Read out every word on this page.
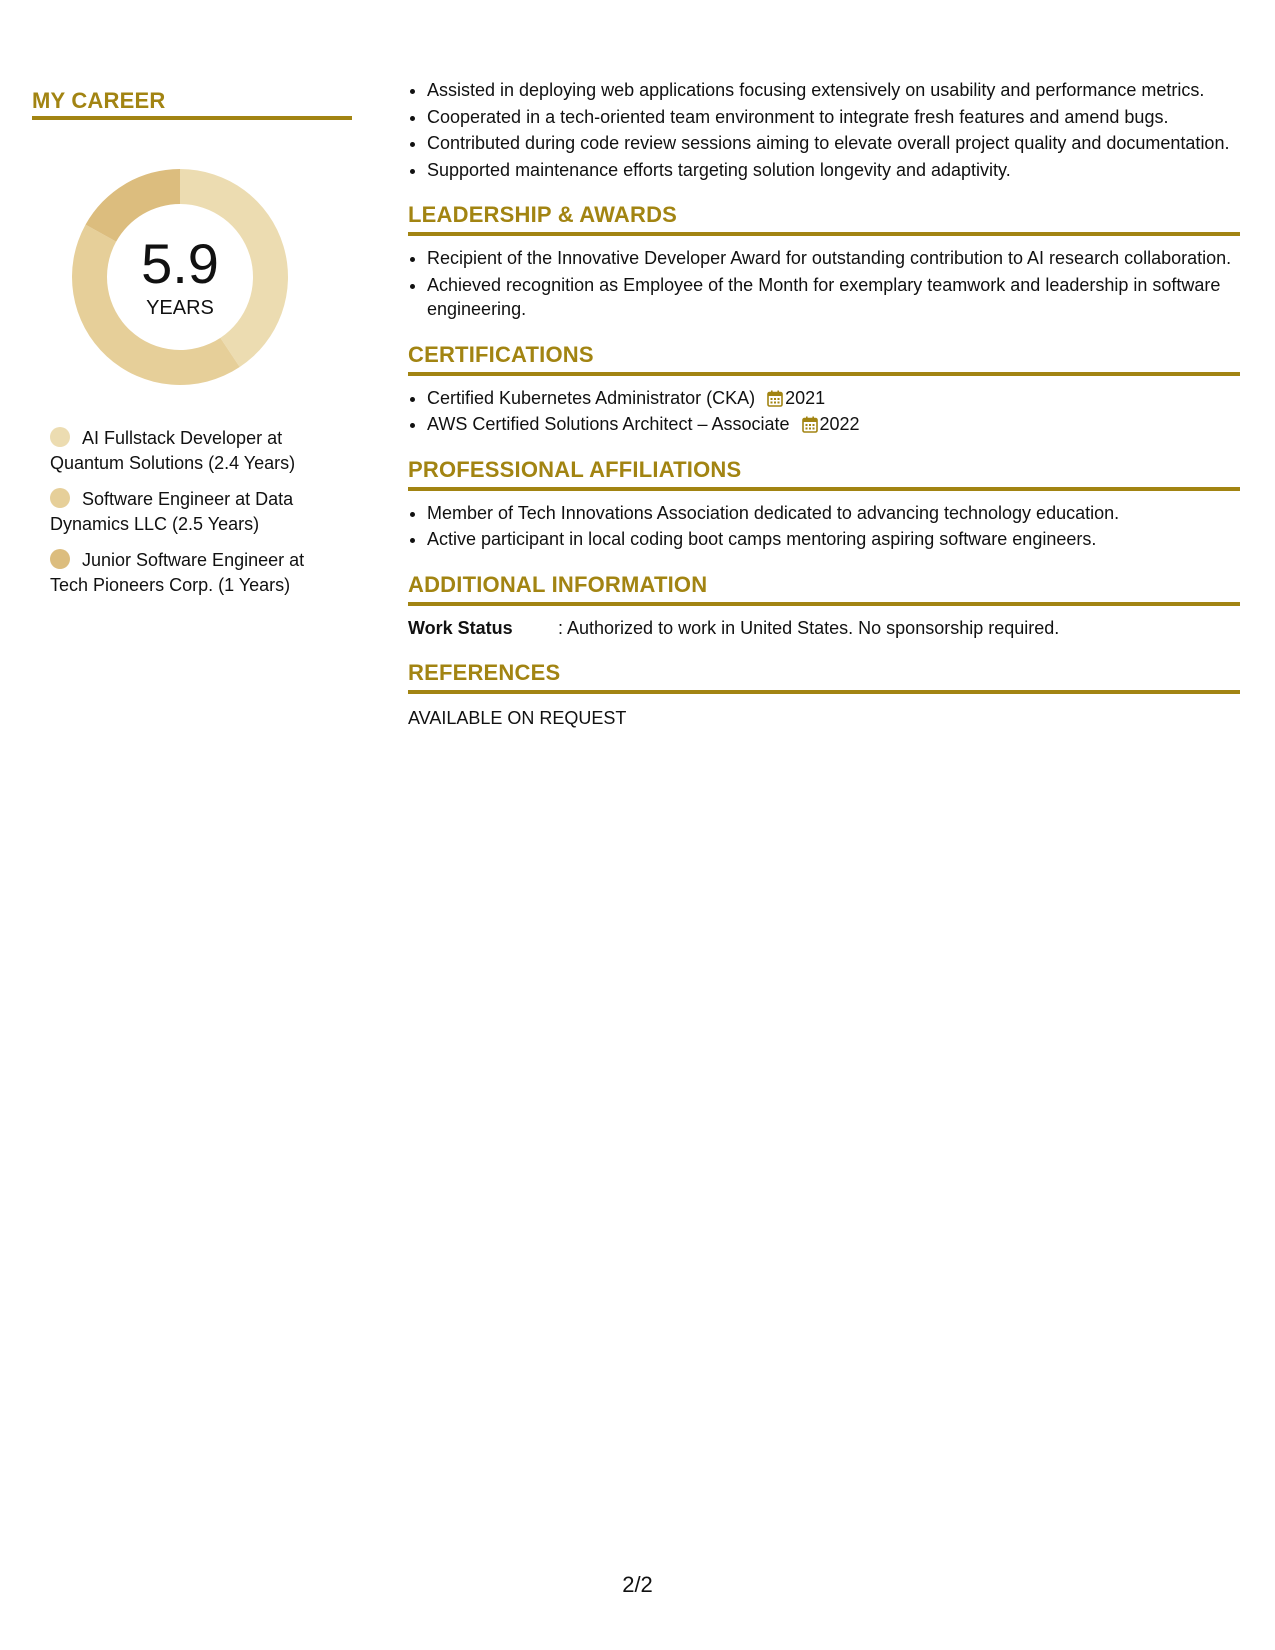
MY CAREER
5.9
YEARS
AI Fullstack Developer at Quantum Solutions (2.4 Years)
Software Engineer at Data Dynamics LLC (2.5 Years)
Junior Software Engineer at Tech Pioneers Corp. (1 Years)
• Assisted in deploying web applications focusing extensively on usability and performance metrics.
• Cooperated in a tech-oriented team environment to integrate fresh features and amend bugs.
• Contributed during code review sessions aiming to elevate overall project quality and documentation.
• Supported maintenance efforts targeting solution longevity and adaptivity.
LEADERSHIP & AWARDS
• Recipient of the Innovative Developer Award for outstanding contribution to AI research collaboration.
• Achieved recognition as Employee of the Month for exemplary teamwork and leadership in software engineering.
CERTIFICATIONS
• Certified Kubernetes Administrator (CKA) 2021
• AWS Certified Solutions Architect – Associate 2022
PROFESSIONAL AFFILIATIONS
• Member of Tech Innovations Association dedicated to advancing technology education.
• Active participant in local coding boot camps mentoring aspiring software engineers.
ADDITIONAL INFORMATION
Work Status	: Authorized to work in United States. No sponsorship required.
REFERENCES
AVAILABLE ON REQUEST
2/2
